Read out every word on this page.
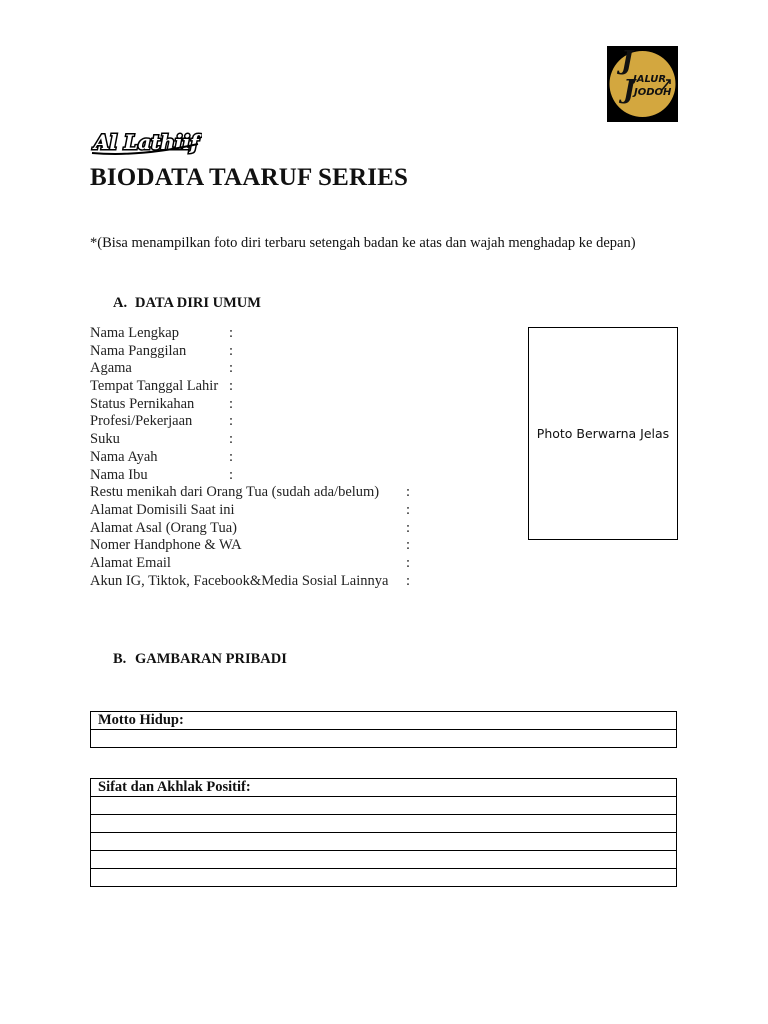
J
JALUR
J
JODOH
Al Lathiif
BIODATA TAARUF SERIES
*(Bisa menampilkan foto diri terbaru setengah badan ke atas dan wajah menghadap ke depan)
A. DATA DIRI UMUM
Nama Lengkap	:
Nama Panggilan	:
Agama	:
Tempat Tanggal Lahir :
Status Pernikahan :
Profesi/Pekerjaan	:
Suku	:
Nama Ayah	:
Nama Ibu	:
Restu menikah dari Orang Tua (sudah ada/belum) :
Alamat Domisili Saat ini	:
Alamat Asal (Orang Tua)	:
Nomer Handphone & WA	:
Alamat Email	:
Akun IG, Tiktok, Facebook&Media Sosial Lainnya :
Photo Berwarna Jelas
B. GAMBARAN PRIBADI
Motto Hidup:

Sifat dan Akhlak Positif:
